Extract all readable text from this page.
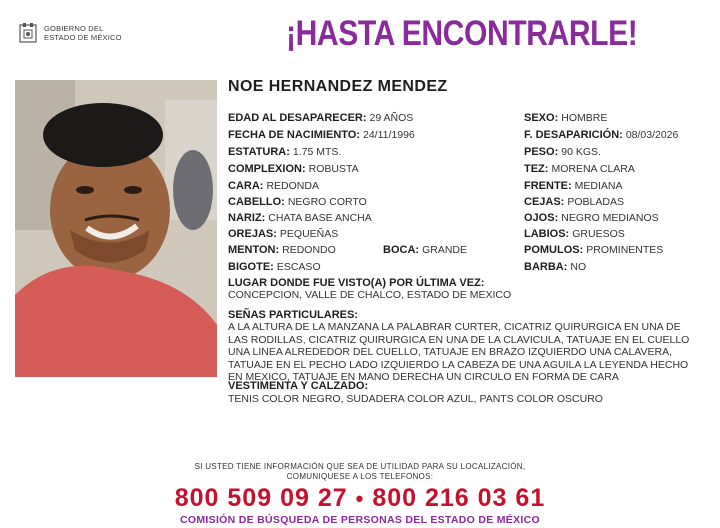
GOBIERNO DEL
ESTADO DE MÉXICO	¡HASTA ENCONTRARLE!
NOE HERNANDEZ MENDEZ
EDAD AL DESAPARECER: 29 AÑOS
FECHA DE NACIMIENTO: 24/11/1996
ESTATURA: 1.75 MTS.
COMPLEXION: ROBUSTA
CARA: REDONDA
CABELLO: NEGRO CORTO
NARIZ: CHATA BASE ANCHA
OREJAS: PEQUEÑAS
MENTON: REDONDO	BOCA: GRANDE
BIGOTE: ESCASO
SEXO: HOMBRE
F. DESAPARICIÓN: 08/03/2026
PESO: 90 KGS.
TEZ: MORENA CLARA
FRENTE: MEDIANA
CEJAS: POBLADAS
OJOS: NEGRO MEDIANOS
LABIOS: GRUESOS
POMULOS: PROMINENTES
BARBA: NO
LUGAR DONDE FUE VISTO(A) POR ÚLTIMA VEZ:
CONCEPCION, VALLE DE CHALCO, ESTADO DE MEXICO
SEÑAS PARTICULARES:
A LA ALTURA DE LA MANZANA LA PALABRAR CURTER, CICATRIZ QUIRURGICA EN UNA DE LAS RODILLAS, CICATRIZ QUIRURGICA EN UNA DE LA CLAVICULA, TATUAJE EN EL CUELLO UNA LINEA ALREDEDOR DEL CUELLO, TATUAJE EN BRAZO IZQUIERDO UNA CALAVERA, TATUAJE EN EL PECHO LADO IZQUIERDO LA CABEZA DE UNA AGUILA LA LEYENDA HECHO EN MEXICO, TATUAJE EN MANO DERECHA UN CIRCULO EN FORMA DE CARA
VESTIMENTA Y CALZADO:
TENIS COLOR NEGRO, SUDADERA COLOR AZUL, PANTS COLOR OSCURO
SI USTED TIENE INFORMACIÓN QUE SEA DE UTILIDAD PARA SU LOCALIZACIÓN,
COMUNIQUESE A LOS TELEFONOS:
800 509 09 27 • 800 216 03 61
COMISIÓN DE BÚSQUEDA DE PERSONAS DEL ESTADO DE MÉXICO
